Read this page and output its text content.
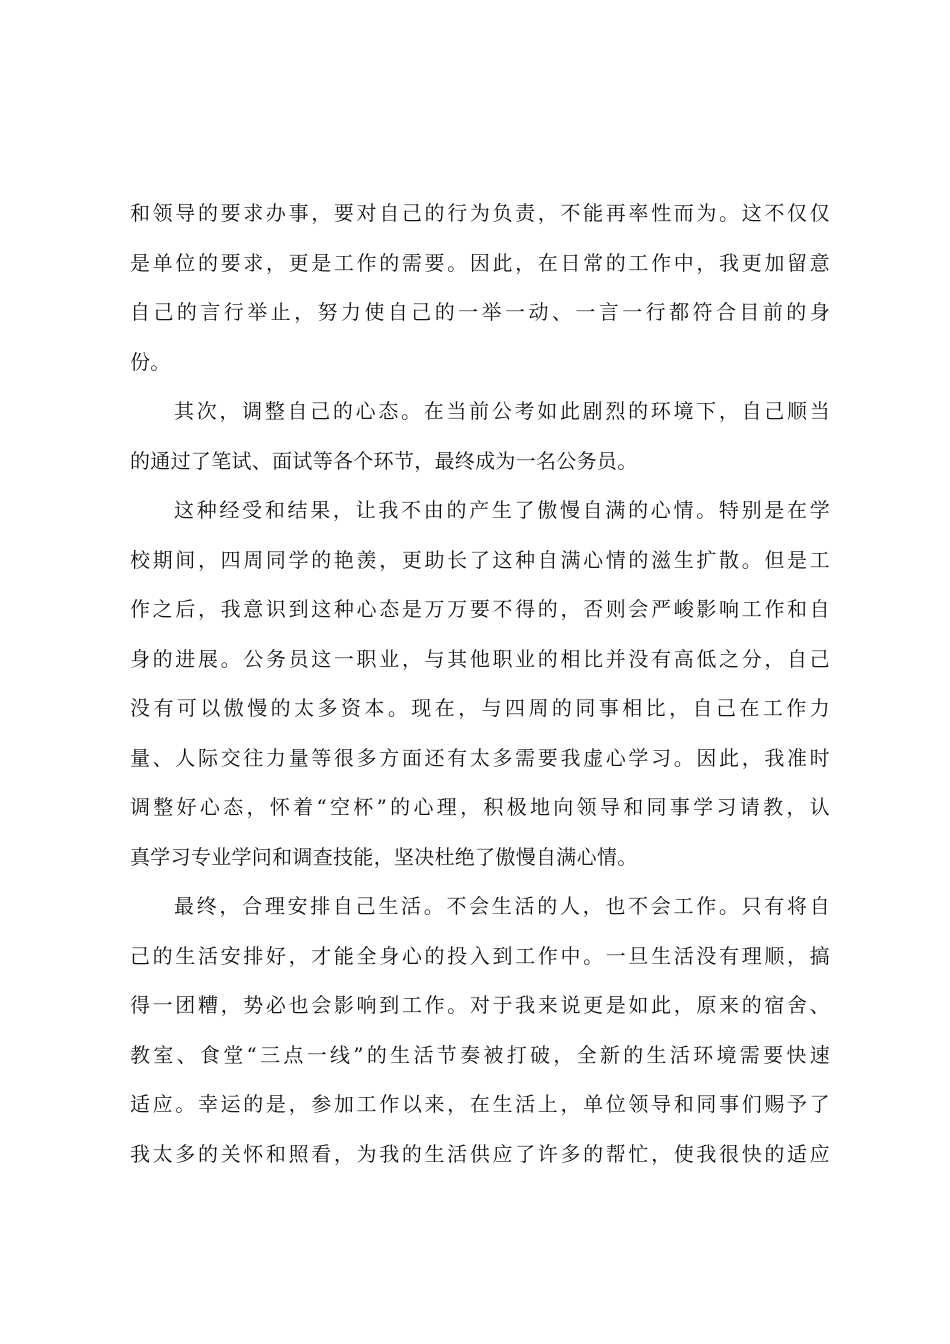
和领导的要求办事，要对自己的行为负责，不能再率性而为。这不仅仅
是单位的要求，更是工作的需要。因此，在日常的工作中，我更加留意
自己的言行举止，努力使自己的一举一动、一言一行都符合目前的身
份。
其次，调整自己的心态。在当前公考如此剧烈的环境下，自己顺当
的通过了笔试、面试等各个环节，最终成为一名公务员。
这种经受和结果，让我不由的产生了傲慢自满的心情。特别是在学
校期间，四周同学的艳羡，更助长了这种自满心情的滋生扩散。但是工
作之后，我意识到这种心态是万万要不得的，否则会严峻影响工作和自
身的进展。公务员这一职业，与其他职业的相比并没有高低之分，自己
没有可以傲慢的太多资本。现在，与四周的同事相比，自己在工作力
量、人际交往力量等很多方面还有太多需要我虚心学习。因此，我准时
调整好心态，怀着“空杯”的心理，积极地向领导和同事学习请教，认
真学习专业学问和调查技能，坚决杜绝了傲慢自满心情。
最终，合理安排自己生活。不会生活的人，也不会工作。只有将自
己的生活安排好，才能全身心的投入到工作中。一旦生活没有理顺，搞
得一团糟，势必也会影响到工作。对于我来说更是如此，原来的宿舍、
教室、食堂“三点一线”的生活节奏被打破，全新的生活环境需要快速
适应。幸运的是，参加工作以来，在生活上，单位领导和同事们赐予了
我太多的关怀和照看，为我的生活供应了许多的帮忙，使我很快的适应
